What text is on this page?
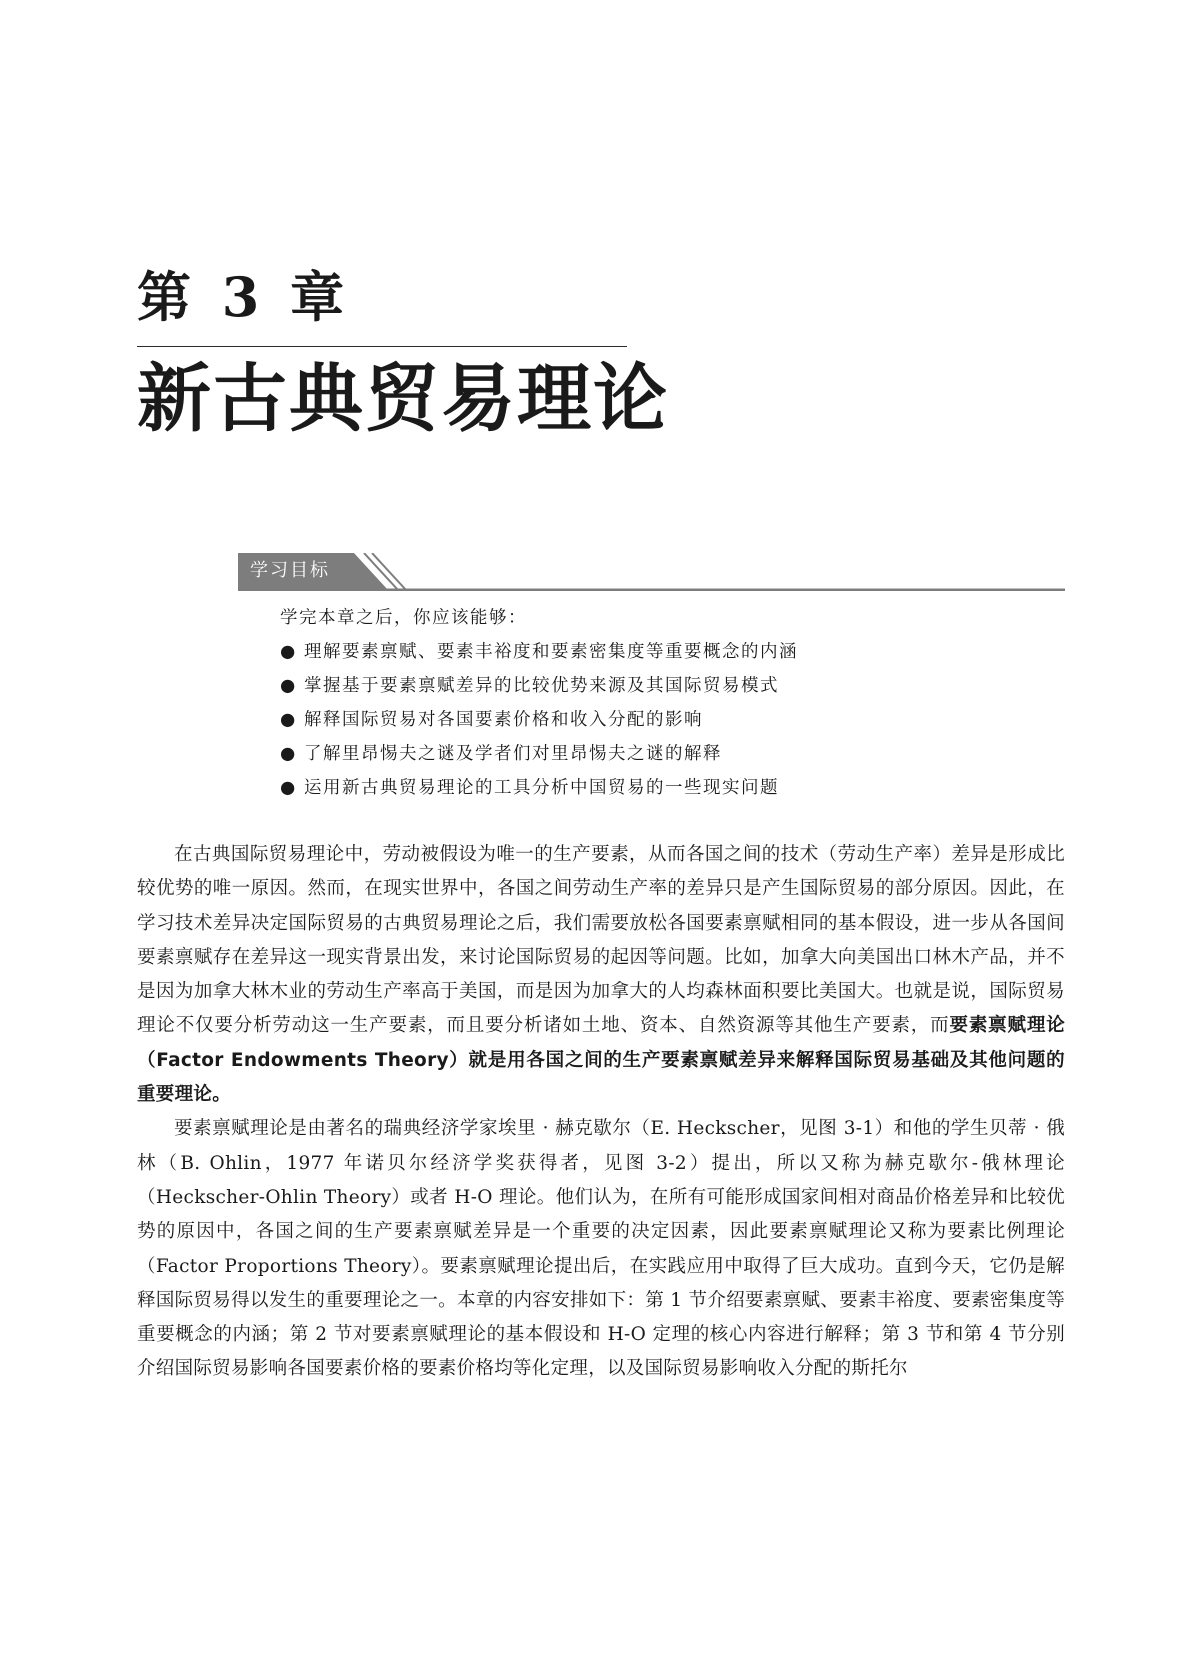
第 3 章
新古典贸易理论
学习目标
学完本章之后，你应该能够：
● 理解要素禀赋、要素丰裕度和要素密集度等重要概念的内涵
● 掌握基于要素禀赋差异的比较优势来源及其国际贸易模式
● 解释国际贸易对各国要素价格和收入分配的影响
● 了解里昂惕夫之谜及学者们对里昂惕夫之谜的解释
● 运用新古典贸易理论的工具分析中国贸易的一些现实问题

在古典国际贸易理论中，劳动被假设为唯一的生产要素，从而各国之间的技术（劳动生产率）差异是形成比较优势的唯一原因。然而，在现实世界中，各国之间劳动生产率的差异只是产生国际贸易的部分原因。因此，在学习技术差异决定国际贸易的古典贸易理论之后，我们需要放松各国要素禀赋相同的基本假设，进一步从各国间要素禀赋存在差异这一现实背景出发，来讨论国际贸易的起因等问题。比如，加拿大向美国出口林木产品，并不是因为加拿大林木业的劳动生产率高于美国，而是因为加拿大的人均森林面积要比美国大。也就是说，国际贸易理论不仅要分析劳动这一生产要素，而且要分析诸如土地、资本、自然资源等其他生产要素，而要素禀赋理论（Factor Endowments Theory）就是用各国之间的生产要素禀赋差异来解释国际贸易基础及其他问题的重要理论。

要素禀赋理论是由著名的瑞典经济学家埃里 · 赫克歇尔（E. Heckscher，见图 3-1）和他的学生贝蒂 · 俄林（B. Ohlin，1977 年诺贝尔经济学奖获得者，见图 3-2）提出，所以又称为赫克歇尔-俄林理论（Heckscher-Ohlin Theory）或者 H-O 理论。他们认为，在所有可能形成国家间相对商品价格差异和比较优势的原因中，各国之间的生产要素禀赋差异是一个重要的决定因素，因此要素禀赋理论又称为要素比例理论（Factor Proportions Theory）。要素禀赋理论提出后，在实践应用中取得了巨大成功。直到今天，它仍是解释国际贸易得以发生的重要理论之一。本章的内容安排如下：第 1 节介绍要素禀赋、要素丰裕度、要素密集度等重要概念的内涵；第 2 节对要素禀赋理论的基本假设和 H-O 定理的核心内容进行解释；第 3 节和第 4 节分别介绍国际贸易影响各国要素价格的要素价格均等化定理，以及国际贸易影响收入分配的斯托尔
